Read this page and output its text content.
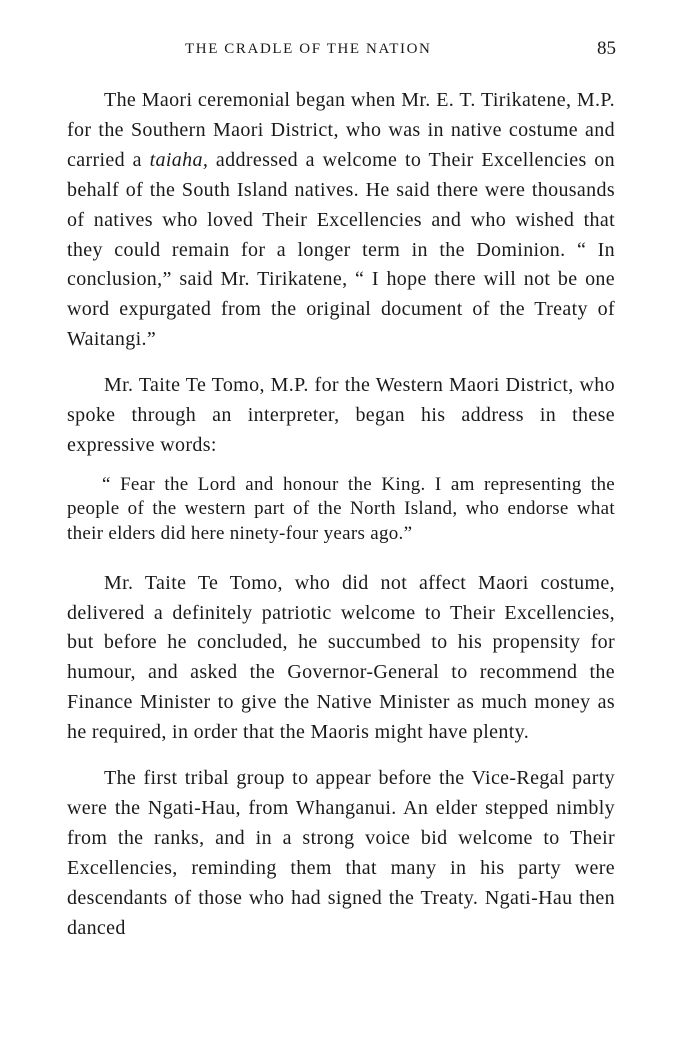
THE CRADLE OF THE NATION	85

The Maori ceremonial began when Mr. E. T. Tirikatene, M.P. for the Southern Maori District, who was in native costume and carried a taiaha, addressed a welcome to Their Excellencies on behalf of the South Island natives. He said there were thousands of natives who loved Their Excellencies and who wished that they could remain for a longer term in the Dominion. “ In conclusion,” said Mr. Tirikatene, “ I hope there will not be one word expurgated from the original document of the Treaty of Waitangi.”

Mr. Taite Te Tomo, M.P. for the Western Maori District, who spoke through an interpreter, began his address in these expressive words:

“ Fear the Lord and honour the King. I am representing the people of the western part of the North Island, who endorse what their elders did here ninety-four years ago.”

Mr. Taite Te Tomo, who did not affect Maori costume, delivered a definitely patriotic welcome to Their Excellencies, but before he concluded, he succumbed to his propensity for humour, and asked the Governor-General to recommend the Finance Minister to give the Native Minister as much money as he required, in order that the Maoris might have plenty.

The first tribal group to appear before the Vice-Regal party were the Ngati-Hau, from Whanganui. An elder stepped nimbly from the ranks, and in a strong voice bid welcome to Their Excellencies, reminding them that many in his party were descendants of those who had signed the Treaty. Ngati-Hau then danced
